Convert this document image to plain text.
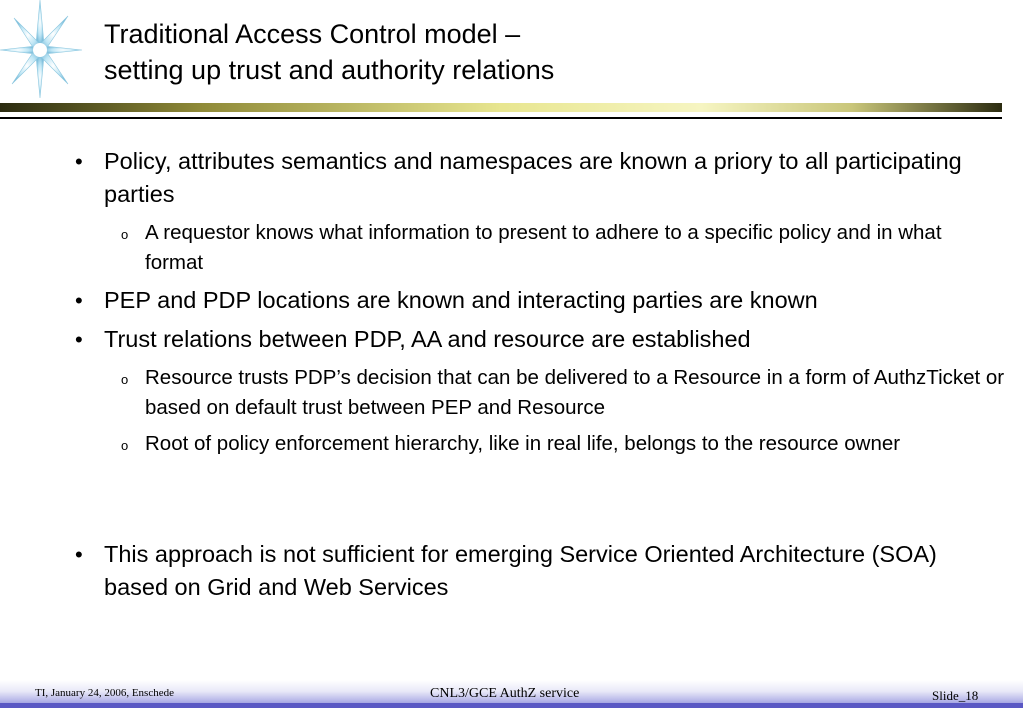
Traditional Access Control model –
setting up trust and authority relations
• Policy, attributes semantics and namespaces are known a priory to all participating parties
o A requestor knows what information to present to adhere to a specific policy and in what format
• PEP and PDP locations are known and interacting parties are known
• Trust relations between PDP, AA and resource are established
o Resource trusts PDP’s decision that can be delivered to a Resource in a form of AuthzTicket or based on default trust between PEP and Resource
o Root of policy enforcement hierarchy, like in real life, belongs to the resource owner
• This approach is not sufficient for emerging Service Oriented Architecture (SOA) based on Grid and Web Services
TI, January 24, 2006, Enschede	CNL3/GCE AuthZ service	Slide_18
